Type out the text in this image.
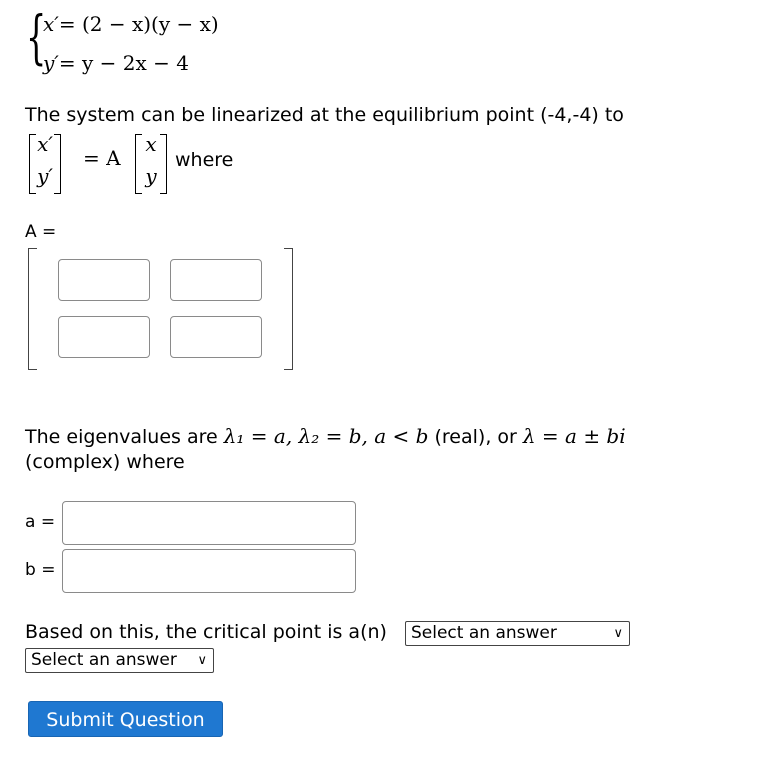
{
x′= (2 − x)(y − x)
y′= y − 2x − 4
The system can be linearized at the equilibrium point (-4,-4) to
x′
y′
= A
x
y
where
A =
The eigenvalues are λ₁ = a, λ₂ = b, a < b (real), or λ = a ± bi
(complex) where
a =
b =
Based on this, the critical point is a(n)	Select an answer	∨
Select an answer ∨
Submit Question
